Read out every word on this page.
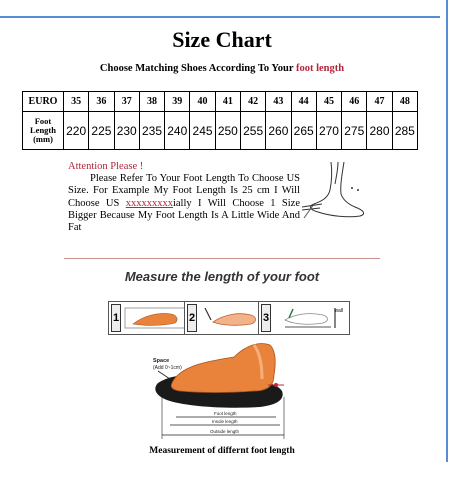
Size Chart
Choose Matching Shoes According To Your foot length
EURO	35	36	37	38	39	40	41	42	43	44	45	46	47	48
Foot
Length
(mm)	220	225	230	235	240	245	250	255	260	265	270	275	280	285
Attention Please !
Please Refer To Your Foot Length To Choose US Size. For Example My Foot Length Is 25 cm I Will Choose US xxxxxxxxxially I Will Choose 1 Size Bigger Because My Foot Length Is A Little Wide And Fat
Measure the length of your foot
1	2	3
wall
Space
(Add 0~1cm)
Foot length
Insole length
Outside length
Measurement of differnt foot length
